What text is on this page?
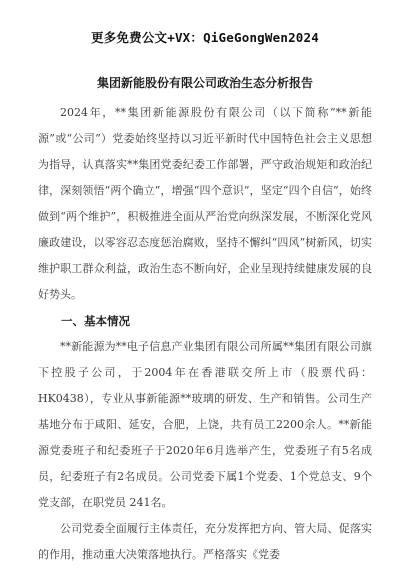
更多免费公文+VX：QiGeGongWen2024
集团新能股份有限公司政治生态分析报告

2024年，**集团新能源股份有限公司（以下简称“**新能源”或“公司”）党委始终坚持以习近平新时代中国特色社会主义思想为指导，认真落实**集团党委纪委工作部署，严守政治规矩和政治纪律，深刻领悟“两个确立”，增强“四个意识”，坚定“四个自信”，始终做到“两个维护”，积极推进全面从严治党向纵深发展，不断深化党风廉政建设，以零容忍态度惩治腐败，坚持不懈纠“四风”树新风，切实维护职工群众利益，政治生态不断向好，企业呈现持续健康发展的良好势头。

一、基本情况

**新能源为**电子信息产业集团有限公司所属**集团有限公司旗下控股子公司，于2004年在香港联交所上市（股票代码：HK0438），专业从事新能源**玻璃的研发、生产和销售。公司生产基地分布于咸阳、延安，合肥，上饶，共有员工2200余人。**新能源党委班子和纪委班子于2020年6月选举产生，党委班子有5名成员，纪委班子有2名成员。公司党委下属1个党委、1个党总支、9个党支部，在职党员 241名。

公司党委全面履行主体责任，充分发挥把方向、管大局、促落实的作用，推动重大决策落地执行。严格落实《党委
